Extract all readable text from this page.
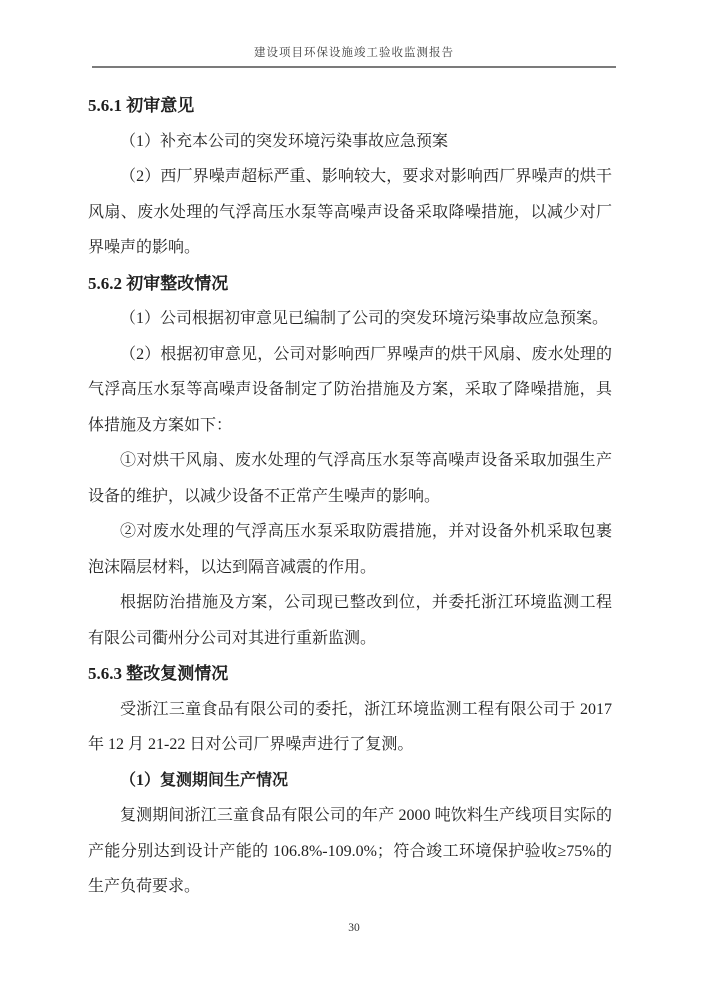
建设项目环保设施竣工验收监测报告

5.6.1 初审意见

（1）补充本公司的突发环境污染事故应急预案

（2）西厂界噪声超标严重、影响较大，要求对影响西厂界噪声的烘干风扇、废水处理的气浮高压水泵等高噪声设备采取降噪措施，以减少对厂界噪声的影响。

5.6.2 初审整改情况

（1）公司根据初审意见已编制了公司的突发环境污染事故应急预案。

（2）根据初审意见，公司对影响西厂界噪声的烘干风扇、废水处理的气浮高压水泵等高噪声设备制定了防治措施及方案，采取了降噪措施，具体措施及方案如下：

①对烘干风扇、废水处理的气浮高压水泵等高噪声设备采取加强生产设备的维护，以减少设备不正常产生噪声的影响。

②对废水处理的气浮高压水泵采取防震措施，并对设备外机采取包裹泡沫隔层材料，以达到隔音减震的作用。

根据防治措施及方案，公司现已整改到位，并委托浙江环境监测工程有限公司衢州分公司对其进行重新监测。

5.6.3 整改复测情况

受浙江三童食品有限公司的委托，浙江环境监测工程有限公司于 2017 年 12 月 21-22 日对公司厂界噪声进行了复测。

（1）复测期间生产情况

复测期间浙江三童食品有限公司的年产 2000 吨饮料生产线项目实际的产能分别达到设计产能的 106.8%-109.0%；符合竣工环境保护验收≥75%的生产负荷要求。

30
